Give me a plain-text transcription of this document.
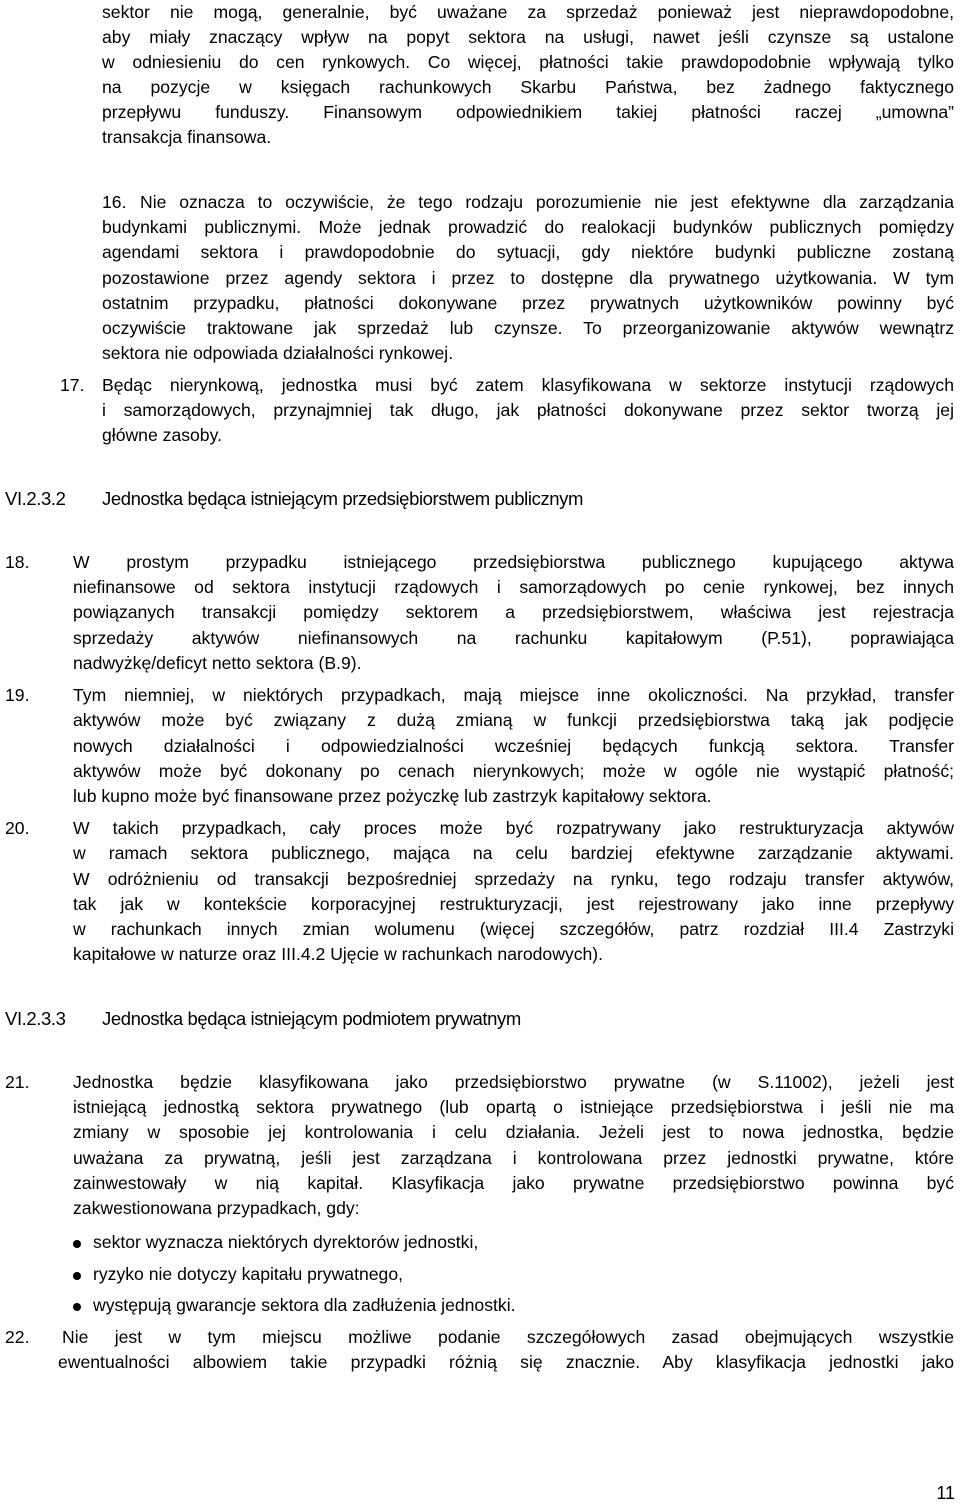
sektor nie mogą, generalnie, być uważane za sprzedaż ponieważ jest nieprawdopodobne,
aby miały znaczący wpływ na popyt sektora na usługi, nawet jeśli czynsze są ustalone
w odniesieniu do cen rynkowych. Co więcej, płatności takie prawdopodobnie wpływają tylko
na pozycje w księgach rachunkowych Skarbu Państwa, bez żadnego faktycznego
przepływu funduszy. Finansowym odpowiednikiem takiej płatności raczej „umowna”
transakcja finansowa.
16. Nie oznacza to oczywiście, że tego rodzaju porozumienie nie jest efektywne dla zarządzania
budynkami publicznymi. Może jednak prowadzić do realokacji budynków publicznych pomiędzy
agendami sektora i prawdopodobnie do sytuacji, gdy niektóre budynki publiczne zostaną
pozostawione przez agendy sektora i przez to dostępne dla prywatnego użytkowania. W tym
ostatnim przypadku, płatności dokonywane przez prywatnych użytkowników powinny być
oczywiście traktowane jak sprzedaż lub czynsze. To przeorganizowanie aktywów wewnątrz
sektora nie odpowiada działalności rynkowej.
17. Będąc nierynkową, jednostka musi być zatem klasyfikowana w sektorze instytucji rządowych
i samorządowych, przynajmniej tak długo, jak płatności dokonywane przez sektor tworzą jej
główne zasoby.
VI.2.3.2 Jednostka będąca istniejącym przedsiębiorstwem publicznym
18. W prostym przypadku istniejącego przedsiębiorstwa publicznego kupującego aktywa
niefinansowe od sektora instytucji rządowych i samorządowych po cenie rynkowej, bez innych
powiązanych transakcji pomiędzy sektorem a przedsiębiorstwem, właściwa jest rejestracja
sprzedaży aktywów niefinansowych na rachunku kapitałowym (P.51), poprawiająca
nadwyżkę/deficyt netto sektora (B.9).
19. Tym niemniej, w niektórych przypadkach, mają miejsce inne okoliczności. Na przykład, transfer
aktywów może być związany z dużą zmianą w funkcji przedsiębiorstwa taką jak podjęcie
nowych działalności i odpowiedzialności wcześniej będących funkcją sektora. Transfer
aktywów może być dokonany po cenach nierynkowych; może w ogóle nie wystąpić płatność;
lub kupno może być finansowane przez pożyczkę lub zastrzyk kapitałowy sektora.
20. W takich przypadkach, cały proces może być rozpatrywany jako restrukturyzacja aktywów
w ramach sektora publicznego, mająca na celu bardziej efektywne zarządzanie aktywami.
W odróżnieniu od transakcji bezpośredniej sprzedaży na rynku, tego rodzaju transfer aktywów,
tak jak w kontekście korporacyjnej restrukturyzacji, jest rejestrowany jako inne przepływy
w rachunkach innych zmian wolumenu (więcej szczegółów, patrz rozdział III.4 Zastrzyki
kapitałowe w naturze oraz III.4.2 Ujęcie w rachunkach narodowych).
VI.2.3.3 Jednostka będąca istniejącym podmiotem prywatnym
21. Jednostka będzie klasyfikowana jako przedsiębiorstwo prywatne (w S.11002), jeżeli jest
istniejącą jednostką sektora prywatnego (lub opartą o istniejące przedsiębiorstwa i jeśli nie ma
zmiany w sposobie jej kontrolowania i celu działania. Jeżeli jest to nowa jednostka, będzie
uważana za prywatną, jeśli jest zarządzana i kontrolowana przez jednostki prywatne, które
zainwestowały w nią kapitał. Klasyfikacja jako prywatne przedsiębiorstwo powinna być
zakwestionowana przypadkach, gdy:
sektor wyznacza niektórych dyrektorów jednostki,
ryzyko nie dotyczy kapitału prywatnego,
występują gwarancje sektora dla zadłużenia jednostki.
22. Nie jest w tym miejscu możliwe podanie szczegółowych zasad obejmujących wszystkie
ewentualności albowiem takie przypadki różnią się znacznie. Aby klasyfikacja jednostki jako
11
